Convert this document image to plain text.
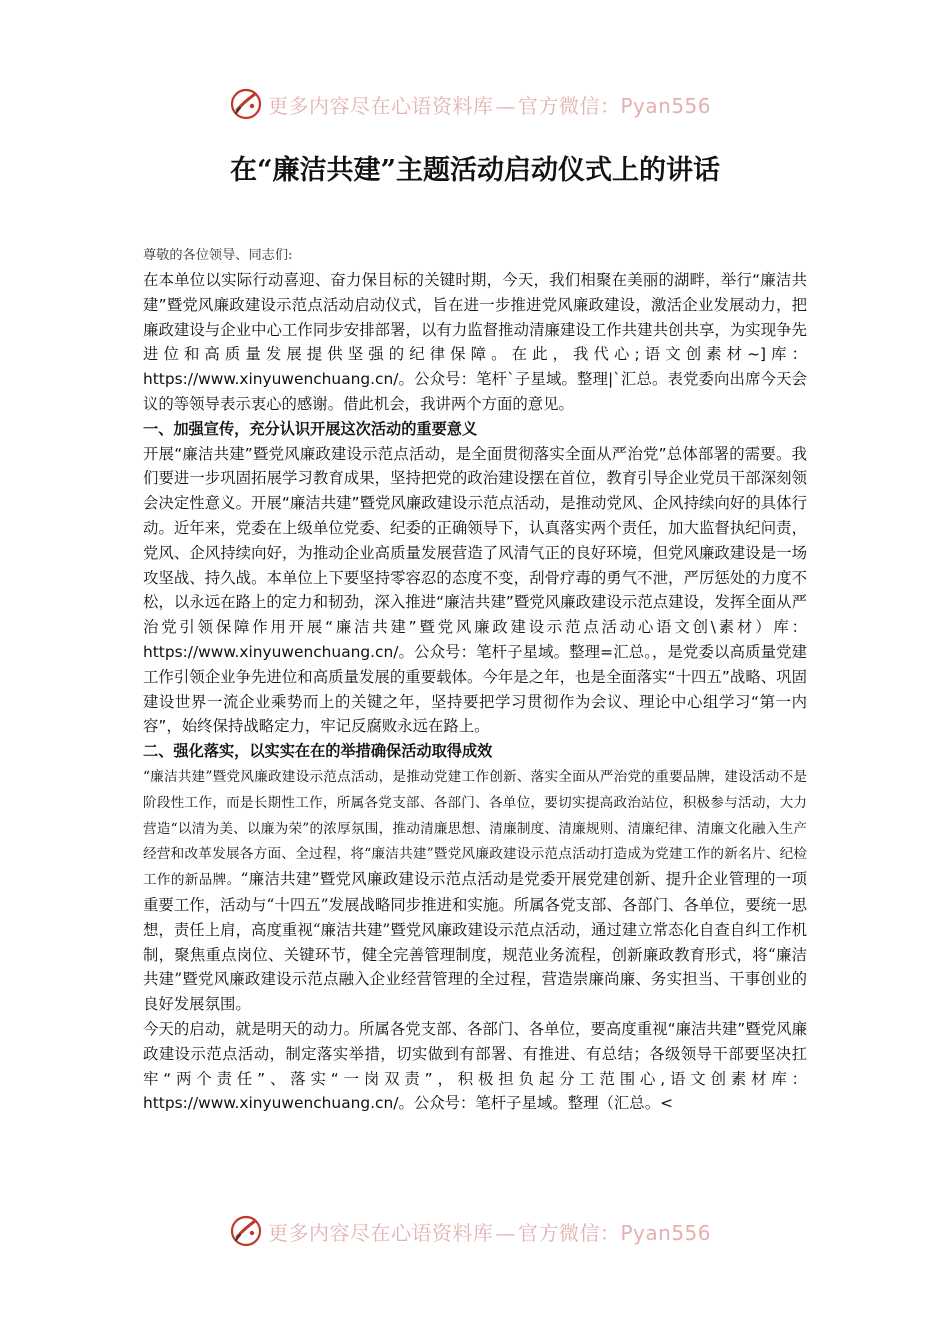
更多内容尽在心语资料库 — 官方微信：Pyan556
在“廉洁共建”主题活动启动仪式上的讲话

尊敬的各位领导、同志们:

在本单位以实际行动喜迎、奋力保目标的关键时期，今天，我们相聚在美丽的湖畔，举行“廉洁共建”暨党风廉政建设示范点活动启动仪式，旨在进一步推进党风廉政建设，激活企业发展动力，把廉政建设与企业中心工作同步安排部署，以有力监督推动清廉建设工作共建共创共享，为实现争先进位和高质量发展提供坚强的纪律保障。在此，我代心;语文创素材~]库：https://www.xinyuwenchuang.cn/。公众号：笔杆`子星域。整理|`汇总。表党委向出席今天会议的等领导表示衷心的感谢。借此机会，我讲两个方面的意见。

一、加强宣传，充分认识开展这次活动的重要意义

开展“廉洁共建”暨党风廉政建设示范点活动，是全面贯彻落实全面从严治党”总体部署的需要。我们要进一步巩固拓展学习教育成果，坚持把党的政治建设摆在首位，教育引导企业党员干部深刻领会决定性意义。开展“廉洁共建”暨党风廉政建设示范点活动，是推动党风、企风持续向好的具体行动。近年来，党委在上级单位党委、纪委的正确领导下，认真落实两个责任，加大监督执纪问责，党风、企风持续向好，为推动企业高质量发展营造了风清气正的良好环境，但党风廉政建设是一场攻坚战、持久战。本单位上下要坚持零容忍的态度不变，刮骨疗毒的勇气不泄，严厉惩处的力度不松，以永远在路上的定力和韧劲，深入推进“廉洁共建”暨党风廉政建设示范点建设，发挥全面从严治党引领保障作用开展“廉洁共建”暨党风廉政建设示范点活动心语文创\素材）库：https://www.xinyuwenchuang.cn/。公众号：笔杆子星域。整理=汇总。，是党委以高质量党建工作引领企业争先进位和高质量发展的重要载体。今年是之年，也是全面落实“十四五”战略、巩固建设世界一流企业乘势而上的关键之年，坚持要把学习贯彻作为会议、理论中心组学习“第一内容”，始终保持战略定力，牢记反腐败永远在路上。

二、强化落实，以实实在在的举措确保活动取得成效

“廉洁共建”暨党风廉政建设示范点活动，是推动党建工作创新、落实全面从严治党的重要品牌，建设活动不是阶段性工作，而是长期性工作，所属各党支部、各部门、各单位，要切实提高政治站位，积极参与活动，大力营造“以清为美、以廉为荣”的浓厚氛围，推动清廉思想、清廉制度、清廉规则、清廉纪律、清廉文化融入生产经营和改革发展各方面、全过程，将“廉洁共建”暨党风廉政建设示范点活动打造成为党建工作的新名片、纪检工作的新品牌。

“廉洁共建”暨党风廉政建设示范点活动是党委开展党建创新、提升企业管理的一项重要工作，活动与“十四五”发展战略同步推进和实施。所属各党支部、各部门、各单位，要统一思想，责任上肩，高度重视“廉洁共建”暨党风廉政建设示范点活动，通过建立常态化自查自纠工作机制，聚焦重点岗位、关键环节，健全完善管理制度，规范业务流程，创新廉政教育形式，将“廉洁共建”暨党风廉政建设示范点融入企业经营管理的全过程，营造崇廉尚廉、务实担当、干事创业的良好发展氛围。

今天的启动，就是明天的动力。所属各党支部、各部门、各单位，要高度重视“廉洁共建”暨党风廉政建设示范点活动，制定落实举措，切实做到有部署、有推进、有总结；各级领导干部要坚决扛牢“两个责任”、落实“一岗双责”，积极担负起分工范围心,语文创素材库：https://www.xinyuwenchuang.cn/。公众号：笔杆子星域。整理（汇总。<

更多内容尽在心语资料库 — 官方微信：Pyan556
